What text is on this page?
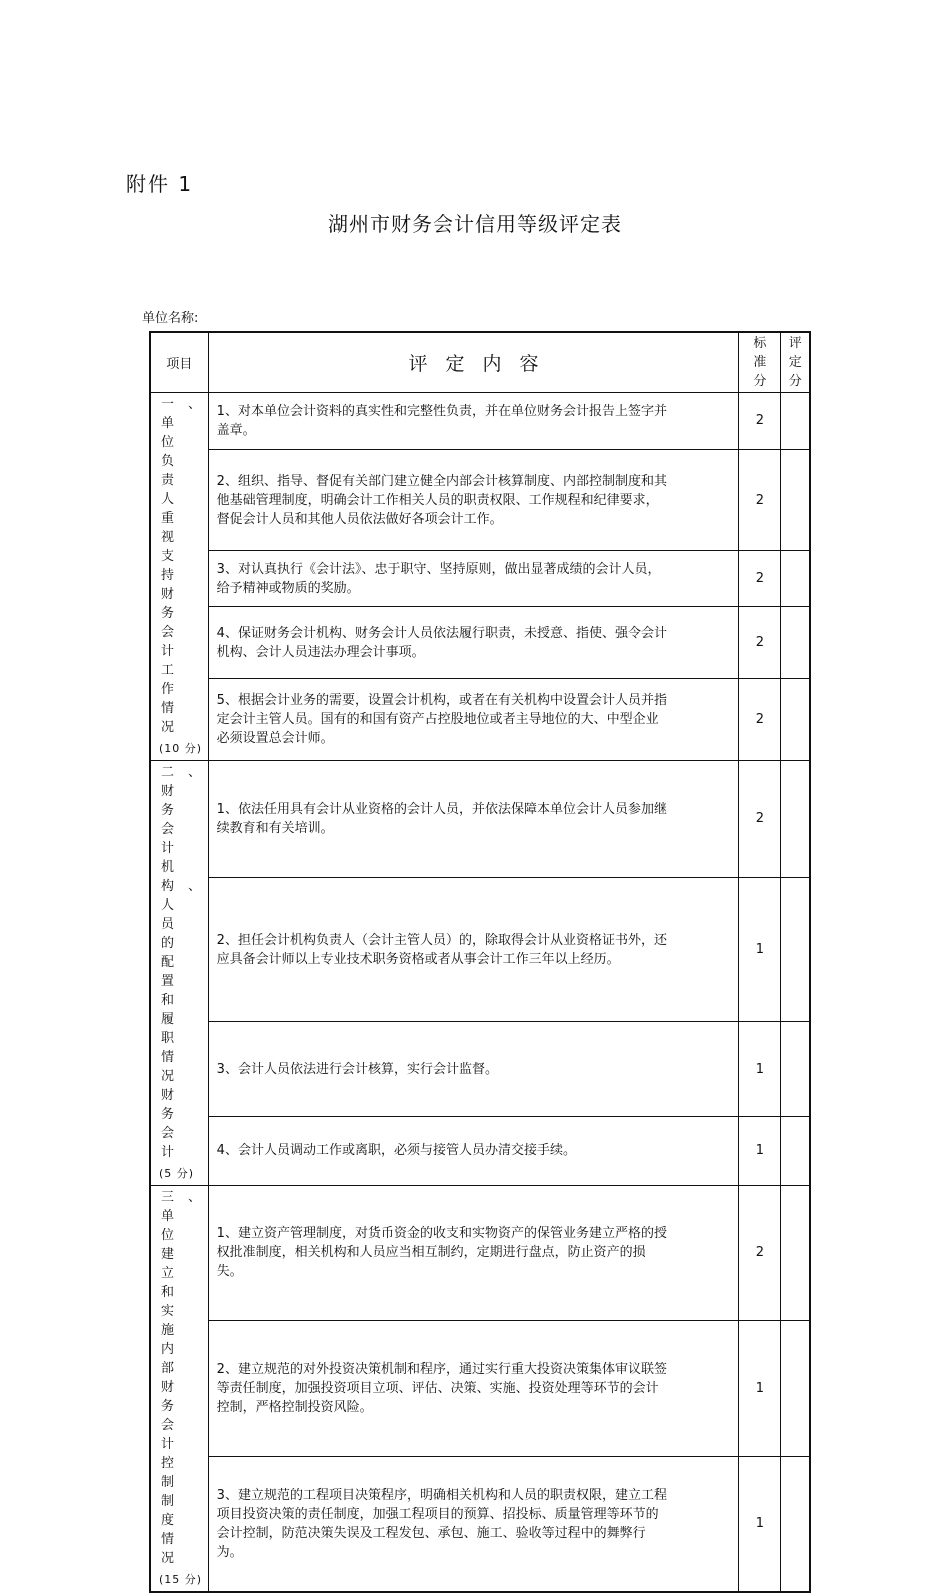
附件 1
湖州市财务会计信用等级评定表
单位名称:
项目	评定内容	标准分	评定分

一、单位负责人重视支持财务会计工作情况
(10 分)	1、对本单位会计资料的真实性和完整性负责，并在单位财务会计报告上签字并盖章。	2	
	2、组织、指导、督促有关部门建立健全内部会计核算制度、内部控制制度和其他基础管理制度，明确会计工作相关人员的职责权限、工作规程和纪律要求，督促会计人员和其他人员依法做好各项会计工作。	2	
	3、对认真执行《会计法》、忠于职守、坚持原则，做出显著成绩的会计人员，给予精神或物质的奖励。	2	
	4、保证财务会计机构、财务会计人员依法履行职责，未授意、指使、强令会计机构、会计人员违法办理会计事项。	2	
	5、根据会计业务的需要，设置会计机构，或者在有关机构中设置会计人员并指定会计主管人员。国有的和国有资产占控股地位或者主导地位的大、中型企业必须设置总会计师。	2	

二、财务会计机构、人员的配置和履职情况财务会计
(5 分)	1、依法任用具有会计从业资格的会计人员，并依法保障本单位会计人员参加继续教育和有关培训。	2	
	2、担任会计机构负责人（会计主管人员）的，除取得会计从业资格证书外，还应具备会计师以上专业技术职务资格或者从事会计工作三年以上经历。	1	
	3、会计人员依法进行会计核算，实行会计监督。	1	
	4、会计人员调动工作或离职，必须与接管人员办清交接手续。	1	

三、单位建立和实施内部财务会计控制制度情况
(15 分)	1、建立资产管理制度，对货币资金的收支和实物资产的保管业务建立严格的授权批准制度，相关机构和人员应当相互制约，定期进行盘点，防止资产的损失。	2	
	2、建立规范的对外投资决策机制和程序，通过实行重大投资决策集体审议联签等责任制度，加强投资项目立项、评估、决策、实施、投资处理等环节的会计控制，严格控制投资风险。	1	
	3、建立规范的工程项目决策程序，明确相关机构和人员的职责权限，建立工程项目投资决策的责任制度，加强工程项目的预算、招投标、质量管理等环节的会计控制，防范决策失误及工程发包、承包、施工、验收等过程中的舞弊行为。	1	
